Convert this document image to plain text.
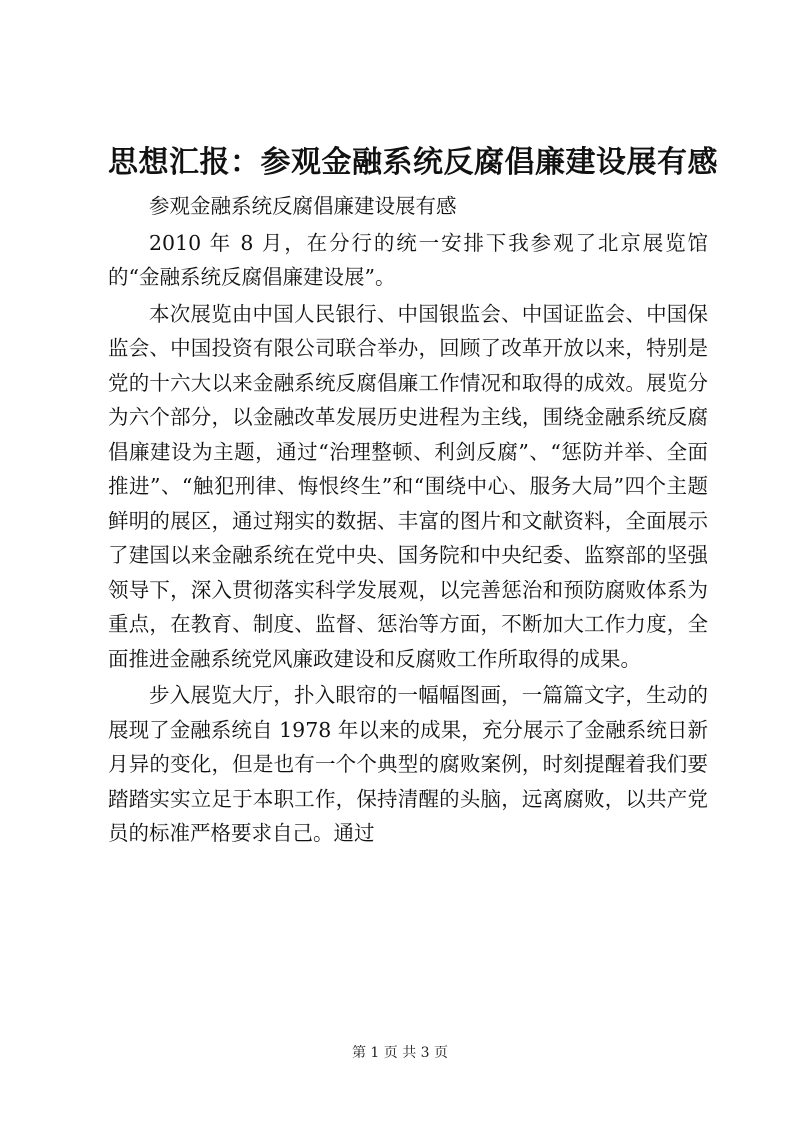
思想汇报：参观金融系统反腐倡廉建设展有感

参观金融系统反腐倡廉建设展有感

2010 年 8 月，在分行的统一安排下我参观了北京展览馆的“金融系统反腐倡廉建设展”。

本次展览由中国人民银行、中国银监会、中国证监会、中国保监会、中国投资有限公司联合举办，回顾了改革开放以来，特别是党的十六大以来金融系统反腐倡廉工作情况和取得的成效。展览分为六个部分，以金融改革发展历史进程为主线，围绕金融系统反腐倡廉建设为主题，通过“治理整顿、利剑反腐”、“惩防并举、全面推进”、“触犯刑律、悔恨终生”和“围绕中心、服务大局”四个主题鲜明的展区，通过翔实的数据、丰富的图片和文献资料，全面展示了建国以来金融系统在党中央、国务院和中央纪委、监察部的坚强领导下，深入贯彻落实科学发展观，以完善惩治和预防腐败体系为重点，在教育、制度、监督、惩治等方面，不断加大工作力度，全面推进金融系统党风廉政建设和反腐败工作所取得的成果。

步入展览大厅，扑入眼帘的一幅幅图画，一篇篇文字，生动的展现了金融系统自 1978 年以来的成果，充分展示了金融系统日新月异的变化，但是也有一个个典型的腐败案例，时刻提醒着我们要踏踏实实立足于本职工作，保持清醒的头脑，远离腐败，以共产党员的标准严格要求自己。通过

第 1 页 共 3 页
